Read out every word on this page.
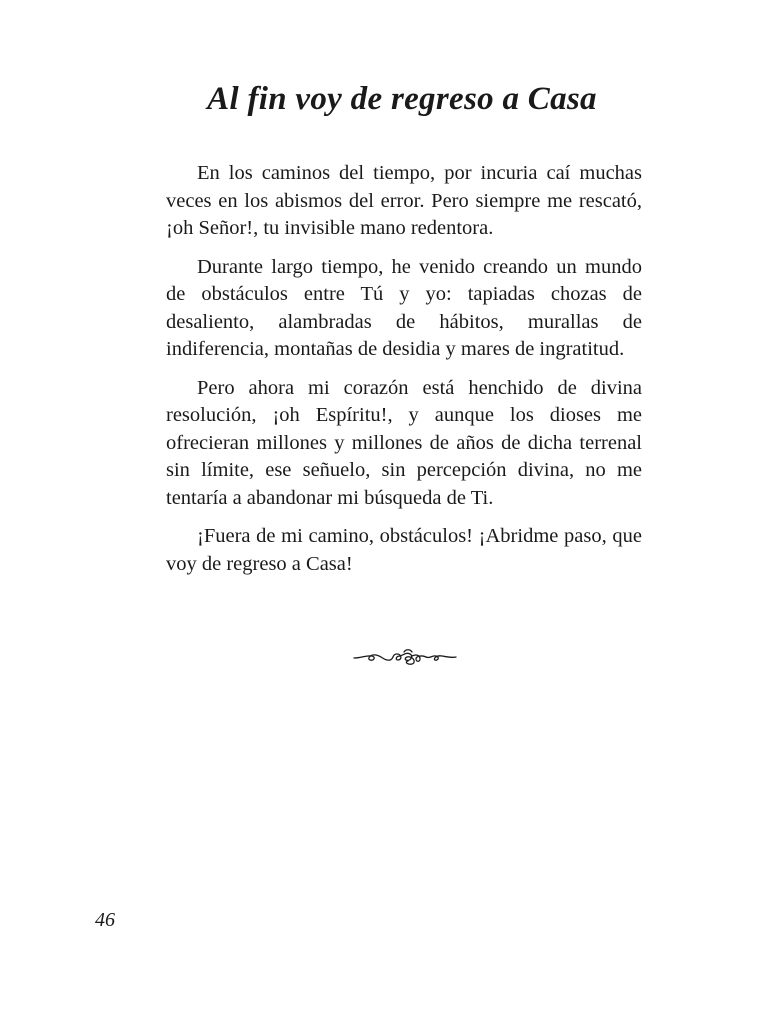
Al fin voy de regreso a Casa

En los caminos del tiempo, por incuria caí muchas veces en los abismos del error. Pero siempre me rescató, ¡oh Señor!, tu invisible mano redentora.

Durante largo tiempo, he venido creando un mundo de obstáculos entre Tú y yo: tapiadas chozas de desaliento, alambradas de hábitos, murallas de indiferencia, montañas de desidia y mares de ingratitud.

Pero ahora mi corazón está henchido de divina resolución, ¡oh Espíritu!, y aunque los dioses me ofrecieran millones y millones de años de dicha terrenal sin límite, ese señuelo, sin percepción divina, no me tentaría a abandonar mi búsqueda de Ti.

¡Fuera de mi camino, obstáculos! ¡Abridme paso, que voy de regreso a Casa!

46
